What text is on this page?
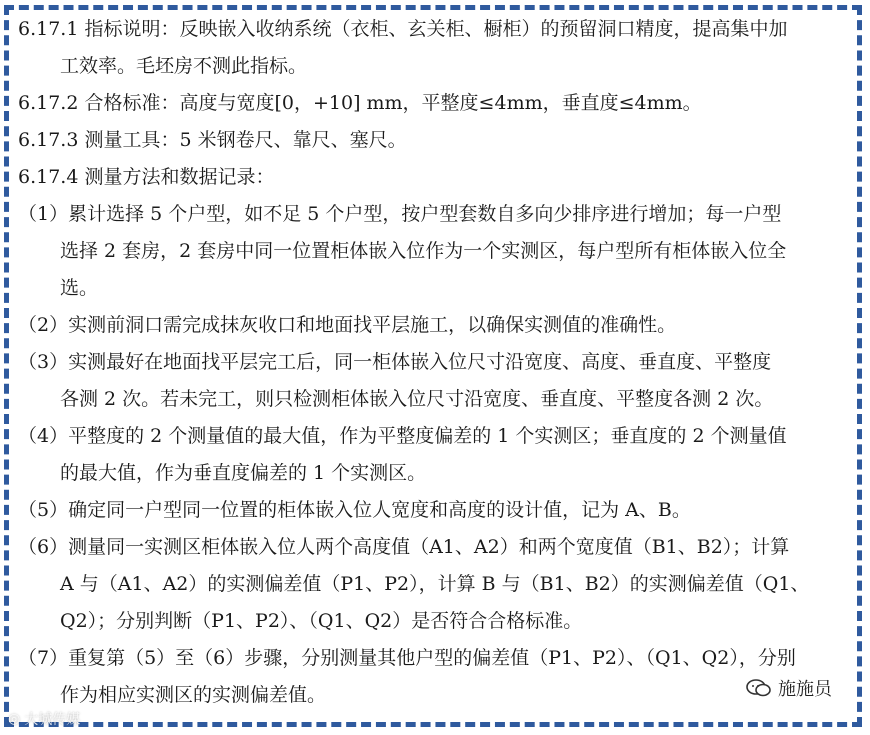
6.17.1 指标说明：反映嵌入收纳系统（衣柜、玄关柜、橱柜）的预留洞口精度，提高集中加
工效率。毛坯房不测此指标。
6.17.2 合格标准：高度与宽度[0，+10] mm，平整度≤4mm，垂直度≤4mm。
6.17.3 测量工具：5 米钢卷尺、靠尺、塞尺。
6.17.4 测量方法和数据记录：
（1）累计选择 5 个户型，如不足 5 个户型，按户型套数自多向少排序进行增加；每一户型
选择 2 套房，2 套房中同一位置柜体嵌入位作为一个实测区，每户型所有柜体嵌入位全
选。
（2）实测前洞口需完成抹灰收口和地面找平层施工，以确保实测值的准确性。
（3）实测最好在地面找平层完工后，同一柜体嵌入位尺寸沿宽度、高度、垂直度、平整度
各测 2 次。若未完工，则只检测柜体嵌入位尺寸沿宽度、垂直度、平整度各测 2 次。
（4）平整度的 2 个测量值的最大值，作为平整度偏差的 1 个实测区；垂直度的 2 个测量值
的最大值，作为垂直度偏差的 1 个实测区。
（5）确定同一户型同一位置的柜体嵌入位人宽度和高度的设计值，记为 A、B。
（6）测量同一实测区柜体嵌入位人两个高度值（A1、A2）和两个宽度值（B1、B2）；计算
A 与（A1、A2）的实测偏差值（P1、P2），计算 B 与（B1、B2）的实测偏差值（Q1、
Q2）；分别判断（P1、P2）、（Q1、Q2）是否符合合格标准。
（7）重复第（5）至（6）步骤，分别测量其他户型的偏差值（P1、P2）、（Q1、Q2），分别
作为相应实测区的实测偏差值。	施施员
◎ 大城传媒
